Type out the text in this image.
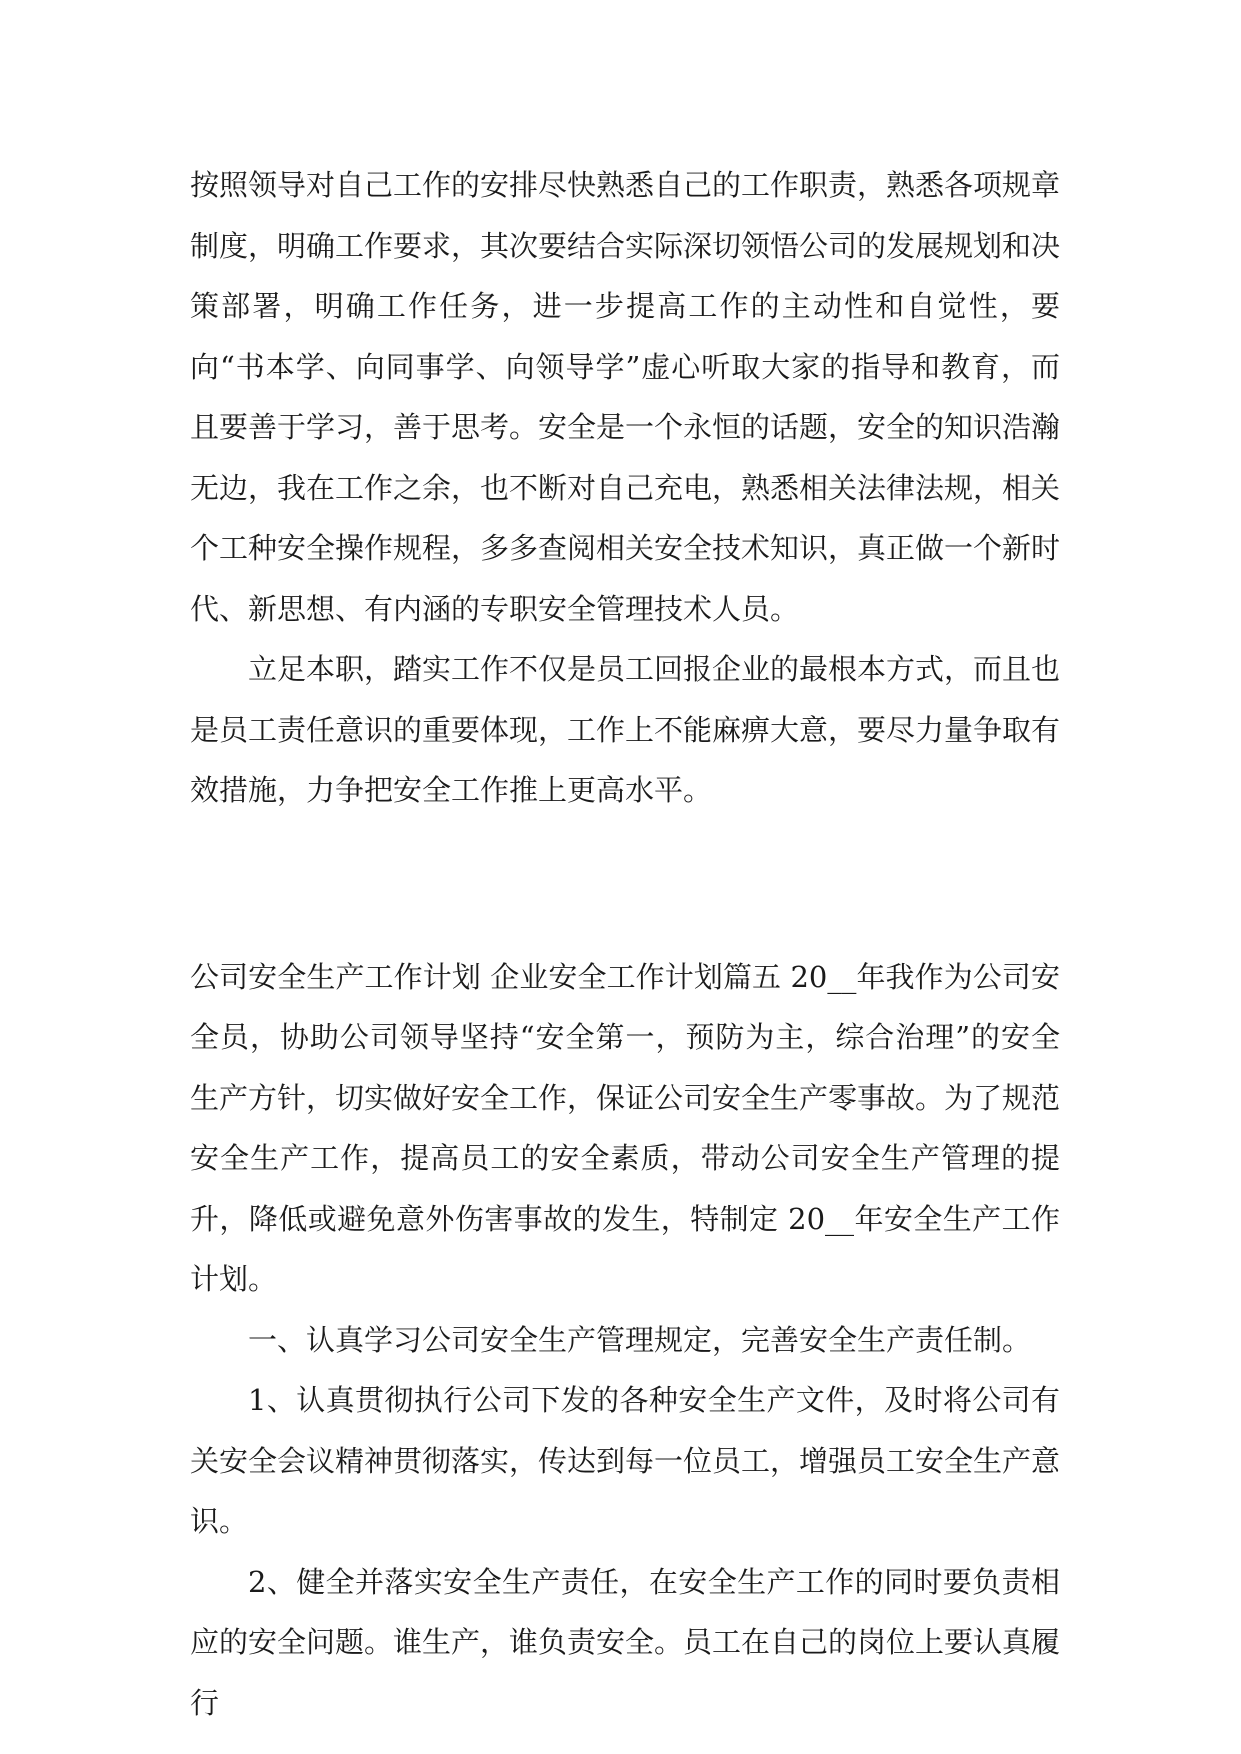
按照领导对自己工作的安排尽快熟悉自己的工作职责，熟悉各项规章制度，明确工作要求，其次要结合实际深切领悟公司的发展规划和决策部署，明确工作任务，进一步提高工作的主动性和自觉性，要向“书本学、向同事学、向领导学”虚心听取大家的指导和教育，而且要善于学习，善于思考。安全是一个永恒的话题，安全的知识浩瀚无边，我在工作之余，也不断对自己充电，熟悉相关法律法规，相关个工种安全操作规程，多多查阅相关安全技术知识，真正做一个新时代、新思想、有内涵的专职安全管理技术人员。

立足本职，踏实工作不仅是员工回报企业的最根本方式，而且也是员工责任意识的重要体现，工作上不能麻痹大意，要尽力量争取有效措施，力争把安全工作推上更高水平。

公司安全生产工作计划 企业安全工作计划篇五 20__年我作为公司安全员，协助公司领导坚持“安全第一，预防为主，综合治理”的安全生产方针，切实做好安全工作，保证公司安全生产零事故。为了规范安全生产工作，提高员工的安全素质，带动公司安全生产管理的提升，降低或避免意外伤害事故的发生，特制定 20__年安全生产工作计划。

一、认真学习公司安全生产管理规定，完善安全生产责任制。

1、认真贯彻执行公司下发的各种安全生产文件，及时将公司有关安全会议精神贯彻落实，传达到每一位员工，增强员工安全生产意识。

2、健全并落实安全生产责任，在安全生产工作的同时要负责相应的安全问题。谁生产，谁负责安全。员工在自己的岗位上要认真履行
